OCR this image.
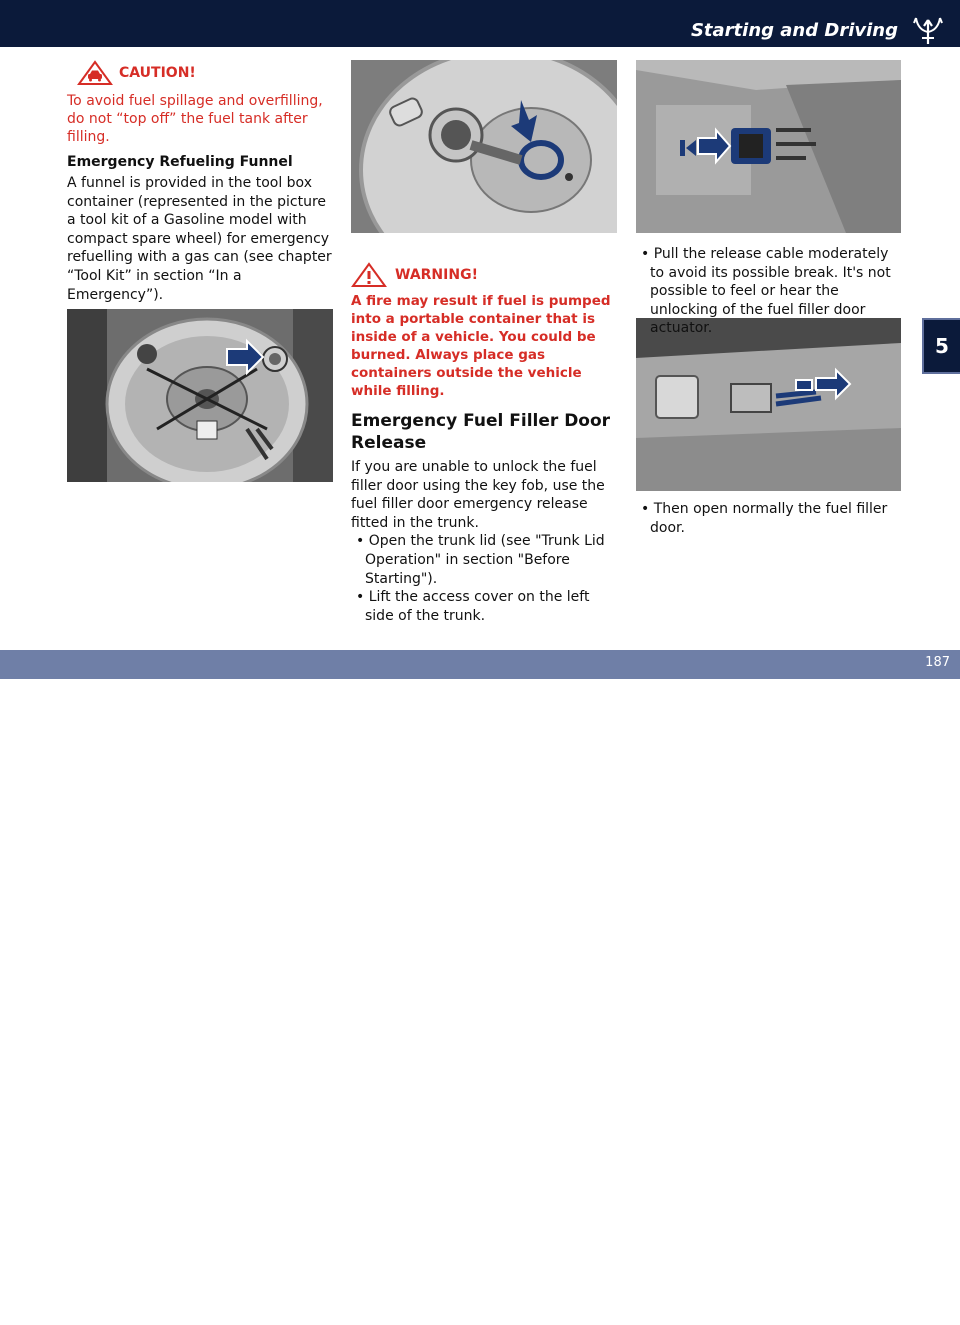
Starting and Driving
5
CAUTION!
To avoid fuel spillage and overfilling, do not “top off” the fuel tank after filling.
Emergency Refueling Funnel
A funnel is provided in the tool box container (represented in the picture a tool kit of a Gasoline model with compact spare wheel) for emergency refuelling with a gas can (see chapter “Tool Kit” in section “In a Emergency”).
WARNING!
A fire may result if fuel is pumped into a portable container that is inside of a vehicle. You could be burned. Always place gas containers outside the vehicle while filling.
Emergency Fuel Filler Door Release
If you are unable to unlock the fuel filler door using the key fob, use the fuel filler door emergency release fitted in the trunk.
• Open the trunk lid (see "Trunk Lid Operation" in section "Before Starting").
• Lift the access cover on the left side of the trunk.
• Pull the release cable moderately to avoid its possible break. It's not possible to feel or hear the unlocking of the fuel filler door actuator.
• Then open normally the fuel filler door.
carmanualsonline.info
187
